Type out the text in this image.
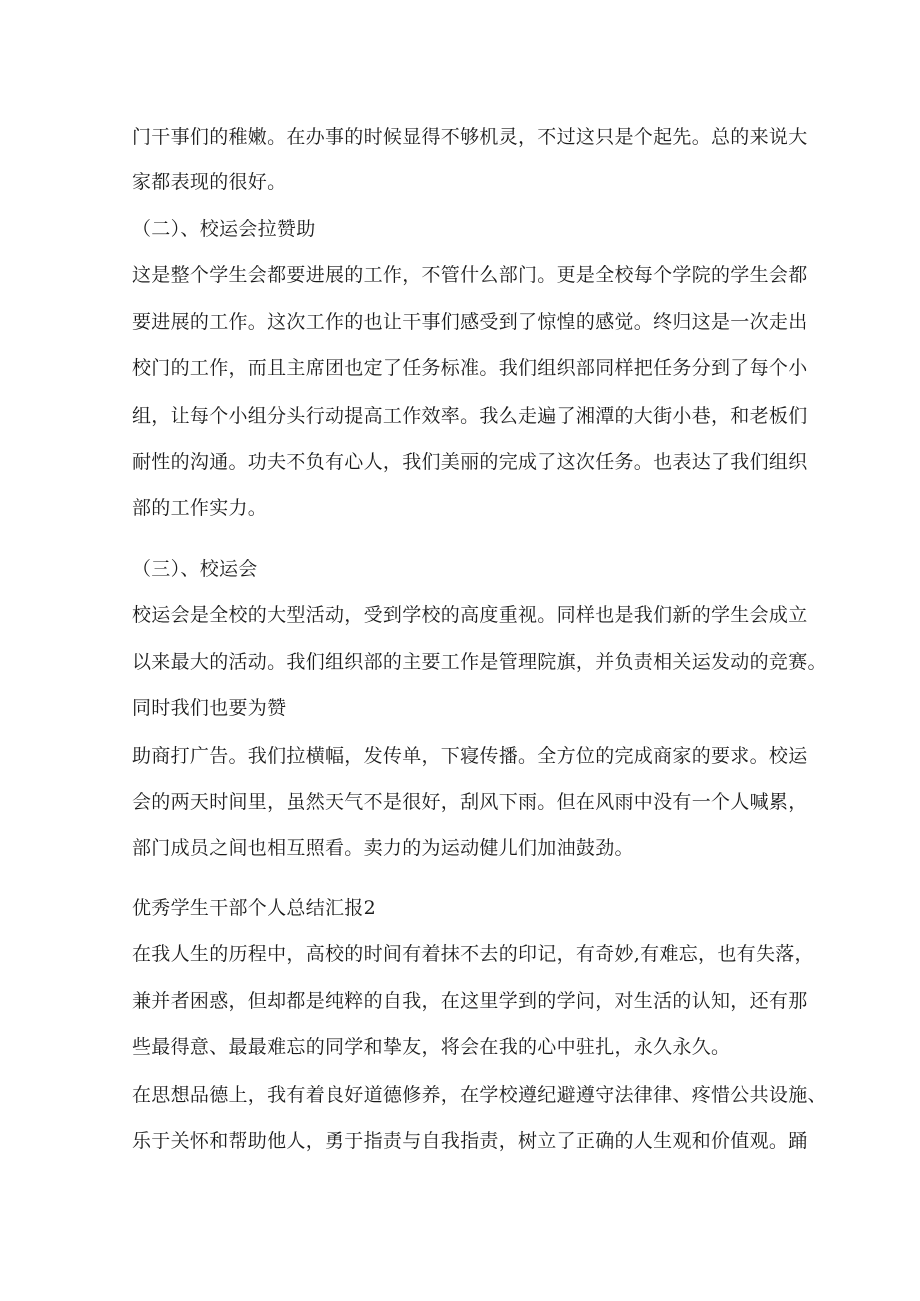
门干事们的稚嫩。在办事的时候显得不够机灵，不过这只是个起先。总的来说大
家都表现的很好。
（二）、校运会拉赞助
这是整个学生会都要进展的工作，不管什么部门。更是全校每个学院的学生会都
要进展的工作。这次工作的也让干事们感受到了惊惶的感觉。终归这是一次走出
校门的工作，而且主席团也定了任务标准。我们组织部同样把任务分到了每个小
组，让每个小组分头行动提高工作效率。我么走遍了湘潭的大街小巷，和老板们
耐性的沟通。功夫不负有心人，我们美丽的完成了这次任务。也表达了我们组织
部的工作实力。
（三）、校运会
校运会是全校的大型活动，受到学校的高度重视。同样也是我们新的学生会成立
以来最大的活动。我们组织部的主要工作是管理院旗，并负责相关运发动的竞赛。
同时我们也要为赞
助商打广告。我们拉横幅，发传单，下寝传播。全方位的完成商家的要求。校运
会的两天时间里，虽然天气不是很好，刮风下雨。但在风雨中没有一个人喊累，
部门成员之间也相互照看。卖力的为运动健儿们加油鼓劲。
优秀学生干部个人总结汇报2
在我人生的历程中，高校的时间有着抹不去的印记，有奇妙,有难忘，也有失落，
兼并者困惑，但却都是纯粹的自我，在这里学到的学问，对生活的认知，还有那
些最得意、最最难忘的同学和挚友，将会在我的心中驻扎，永久永久。
在思想品德上，我有着良好道德修养，在学校遵纪避遵守法律律、疼惜公共设施、
乐于关怀和帮助他人，勇于指责与自我指责，树立了正确的人生观和价值观。踊
